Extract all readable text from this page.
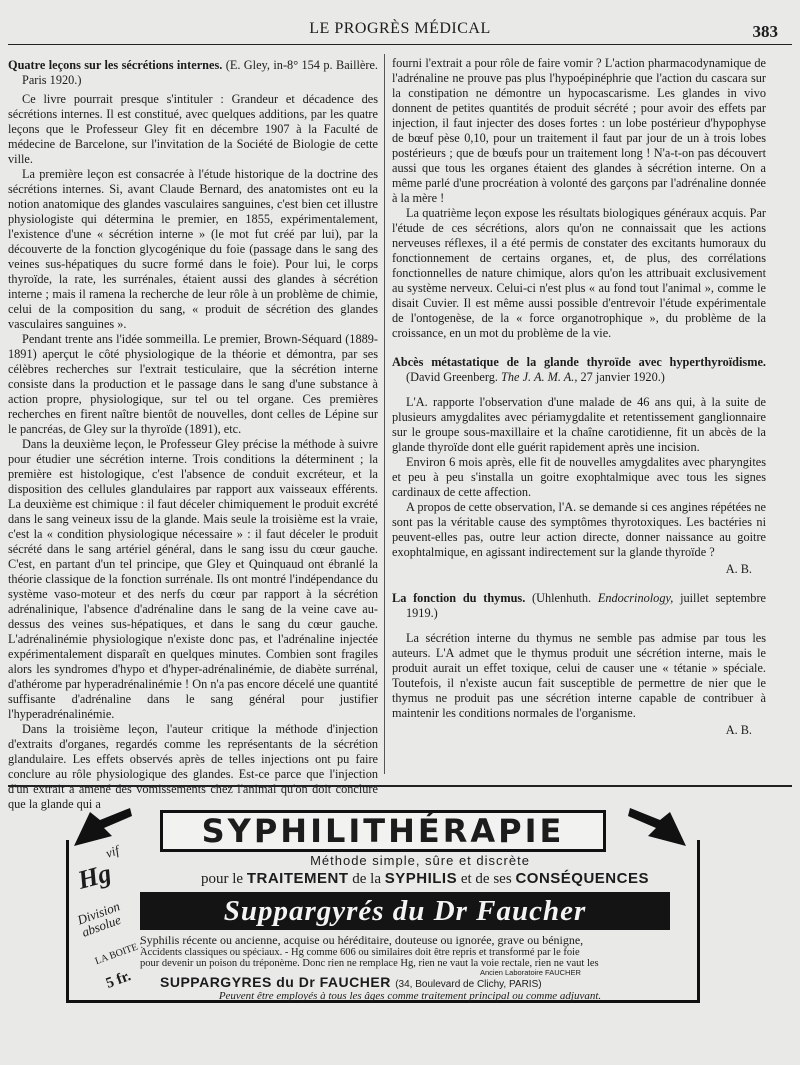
LE PROGRÈS MÉDICAL	383

Quatre leçons sur les sécrétions internes. (E. Gley, in-8° 154 p. Baillère. Paris 1920.)

Ce livre pourrait presque s'intituler : Grandeur et décadence des sécrétions internes. Il est constitué, avec quelques additions, par les quatre leçons que le Professeur Gley fit en décembre 1907 à la Faculté de médecine de Barcelone, sur l'invitation de la Société de Biologie de cette ville.

La première leçon est consacrée à l'étude historique de la doctrine des sécrétions internes. Si, avant Claude Bernard, des anatomistes ont eu la notion anatomique des glandes vasculaires sanguines, c'est bien cet illustre physiologiste qui détermina le premier, en 1855, expérimentalement, l'existence d'une « sécrétion interne » (le mot fut créé par lui), par la découverte de la fonction glycogénique du foie (passage dans le sang des veines sus-hépatiques du sucre formé dans le foie). Pour lui, le corps thyroïde, la rate, les surrénales, étaient aussi des glandes à sécrétion interne ; mais il ramena la recherche de leur rôle à un problème de chimie, celui de la composition du sang, « produit de sécrétion des glandes vasculaires sanguines ».

Pendant trente ans l'idée sommeilla. Le premier, Brown-Séquard (1889-1891) aperçut le côté physiologique de la théorie et démontra, par ses célèbres recherches sur l'extrait testiculaire, que la sécrétion interne consiste dans la production et le passage dans le sang d'une substance à action propre, physiologique, sur tel ou tel organe. Ces premières recherches en firent naître bientôt de nouvelles, dont celles de Lépine sur le pancréas, de Gley sur la thyroïde (1891), etc.

Dans la deuxième leçon, le Professeur Gley précise la méthode à suivre pour étudier une sécrétion interne. Trois conditions la déterminent ; la première est histologique, c'est l'absence de conduit excréteur, et la disposition des cellules glandulaires par rapport aux vaisseaux efférents. La deuxième est chimique : il faut déceler chimiquement le produit excrété dans le sang veineux issu de la glande. Mais seule la troisième est la vraie, c'est la « condition physiologique nécessaire » : il faut déceler le produit sécrété dans le sang artériel général, dans le sang issu du cœur gauche. C'est, en partant d'un tel principe, que Gley et Quinquaud ont ébranlé la théorie classique de la fonction surrénale. Ils ont montré l'indépendance du système vaso-moteur et des nerfs du cœur par rapport à la sécrétion adrénalinique, l'absence d'adrénaline dans le sang de la veine cave au-dessus des veines sus-hépatiques, et dans le sang du cœur gauche. L'adrénalinémie physiologique n'existe donc pas, et l'adrénaline injectée expérimentalement disparaît en quelques minutes. Combien sont fragiles alors les syndromes d'hypo et d'hyper-adrénalinémie, de diabète surrénal, d'athérome par hyperadrénalinémie ! On n'a pas encore décelé une quantité suffisante d'adrénaline dans le sang général pour justifier l'hyperadrénalinémie.

Dans la troisième leçon, l'auteur critique la méthode d'injection d'extraits d'organes, regardés comme les représentants de la sécrétion glandulaire. Les effets observés après de telles injections ont pu faire conclure au rôle physiologique des glandes. Est-ce parce que l'injection d'un extrait a amené des vomissements chez l'animal qu'on doit conclure que la glande qui a

fourni l'extrait a pour rôle de faire vomir ? L'action pharmacodynamique de l'adrénaline ne prouve pas plus l'hypoépinéphrie que l'action du cascara sur la constipation ne démontre un hypocascarisme. Les glandes in vivo donnent de petites quantités de produit sécrété ; pour avoir des effets par injection, il faut injecter des doses fortes : un lobe postérieur d'hypophyse de bœuf pèse 0,10, pour un traitement il faut par jour de un à trois lobes postérieurs ; que de bœufs pour un traitement long ! N'a-t-on pas découvert aussi que tous les organes étaient des glandes à sécrétion interne. On a même parlé d'une procréation à volonté des garçons par l'adrénaline donnée à la mère !

La quatrième leçon expose les résultats biologiques généraux acquis. Par l'étude de ces sécrétions, alors qu'on ne connaissait que les actions nerveuses réflexes, il a été permis de constater des excitants humoraux du fonctionnement de certains organes, et, de plus, des corrélations fonctionnelles de nature chimique, alors qu'on les attribuait exclusivement au système nerveux. Celui-ci n'est plus « au fond tout l'animal », comme le disait Cuvier. Il est même aussi possible d'entrevoir l'étude expérimentale de l'ontogenèse, de la « force organotrophique », du problème de la croissance, en un mot du problème de la vie.

Abcès métastatique de la glande thyroïde avec hyperthyroïdisme. (David Greenberg. The J. A. M. A., 27 janvier 1920.)

L'A. rapporte l'observation d'une malade de 46 ans qui, à la suite de plusieurs amygdalites avec périamygdalite et retentissement ganglionnaire sur le groupe sous-maxillaire et la chaîne carotidienne, fit un abcès de la glande thyroïde dont elle guérit rapidement après une incision.

Environ 6 mois après, elle fit de nouvelles amygdalites avec pharyngites et peu à peu s'installa un goitre exophtalmique avec tous les signes cardinaux de cette affection.

A propos de cette observation, l'A. se demande si ces angines répétées ne sont pas la véritable cause des symptômes thyrotoxiques. Les bactéries ni peuvent-elles pas, outre leur action directe, donner naissance au goitre exophtalmique, en agissant indirectement sur la glande thyroïde ?

A. B.

La fonction du thymus. (Uhlenhuth. Endocrinology, juillet septembre 1919.)

La sécrétion interne du thymus ne semble pas admise par tous les auteurs. L'A admet que le thymus produit une sécrétion interne, mais le produit aurait un effet toxique, celui de causer une « tétanie » spéciale. Toutefois, il n'existe aucun fait susceptible de permettre de nier que le thymus ne produit pas une sécrétion interne capable de contribuer à maintenir les conditions normales de l'organisme.

A. B.

SYPHILITHÉRAPIE
Méthode simple, sûre et discrète
pour le TRAITEMENT de la SYPHILIS et de ses CONSÉQUENCES
Suppargyrés du Dr Faucher
Syphilis récente ou ancienne, acquise ou héréditaire, douteuse ou ignorée, grave ou bénigne,
Accidents classiques ou spéciaux. - Hg comme 606 ou similaires doit être repris et transformé par le foie
pour devenir un poison du tréponème. Donc rien ne remplace Hg, rien ne vaut la voie rectale, rien ne vaut les
Ancien Laboratoire FAUCHER
SUPPARGYRES du Dr FAUCHER (34, Boulevard de Clichy, PARIS)
Peuvent être employés à tous les âges comme traitement principal ou comme adjuvant.
vif
Hg
Division absolue
LA BOITE :
5 fr.
